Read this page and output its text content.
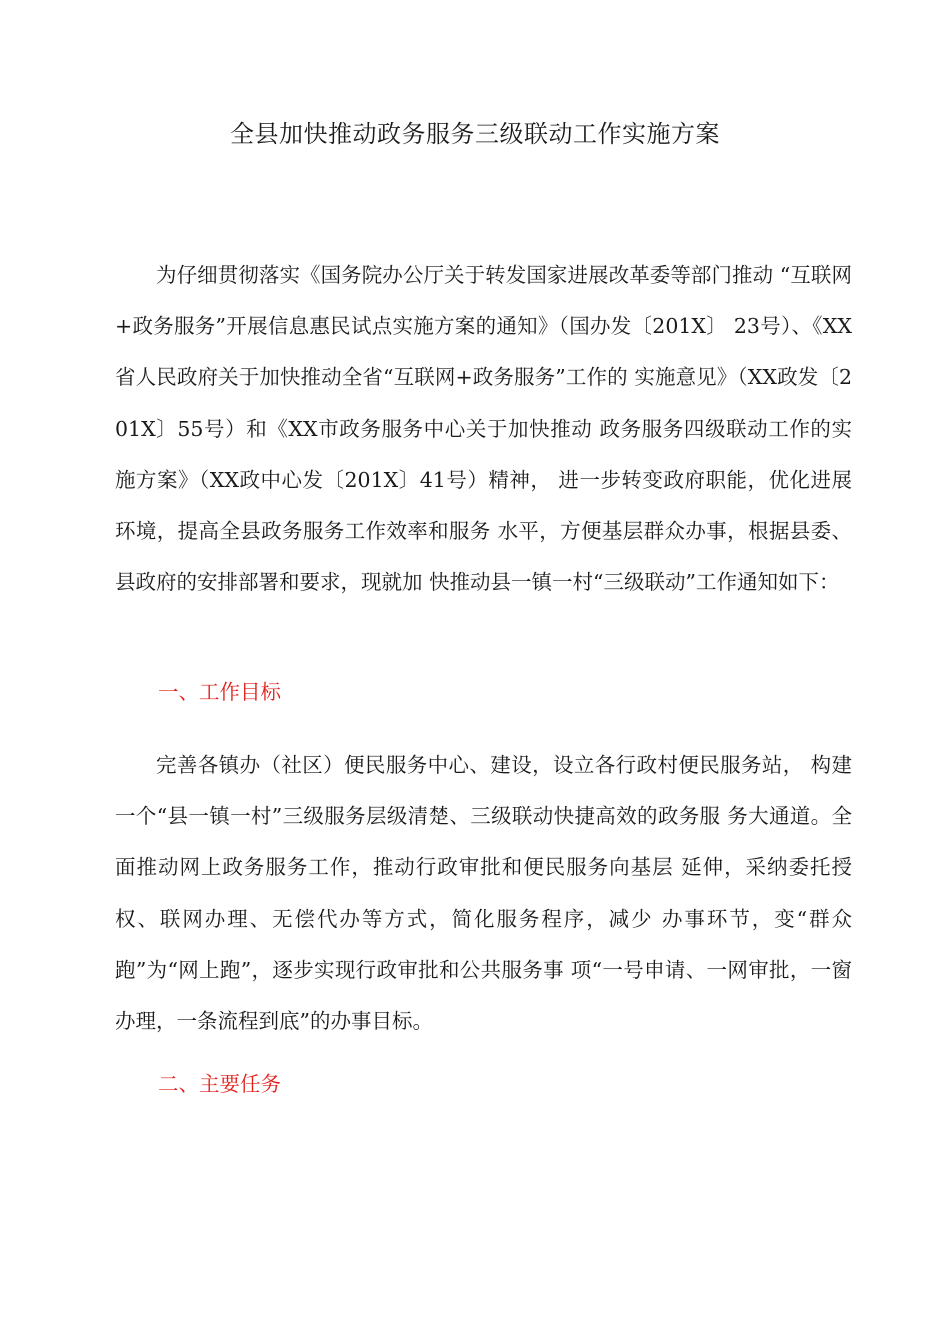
全县加快推动政务服务三级联动工作实施方案

为仔细贯彻落实《国务院办公厅关于转发国家进展改革委等部门推动 “互联网+政务服务”开展信息惠民试点实施方案的通知》（国办发〔201X〕 23号）、《XX省人民政府关于加快推动全省“互联网+政务服务”工作的 实施意见》（XX政发〔201X〕55号）和《XX市政务服务中心关于加快推动 政务服务四级联动工作的实施方案》（XX政中心发〔201X〕41号）精神， 进一步转变政府职能，优化进展环境，提高全县政务服务工作效率和服务 水平，方便基层群众办事，根据县委、县政府的安排部署和要求，现就加 快推动县一镇一村“三级联动”工作通知如下：

一、工作目标

完善各镇办（社区）便民服务中心、建设，设立各行政村便民服务站， 构建一个“县一镇一村”三级服务层级清楚、三级联动快捷高效的政务服 务大通道。全面推动网上政务服务工作，推动行政审批和便民服务向基层 延伸，采纳委托授权、联网办理、无偿代办等方式，简化服务程序，减少 办事环节，变“群众跑”为“网上跑”，逐步实现行政审批和公共服务事 项“一号申请、一网审批，一窗办理，一条流程到底”的办事目标。

二、主要任务
